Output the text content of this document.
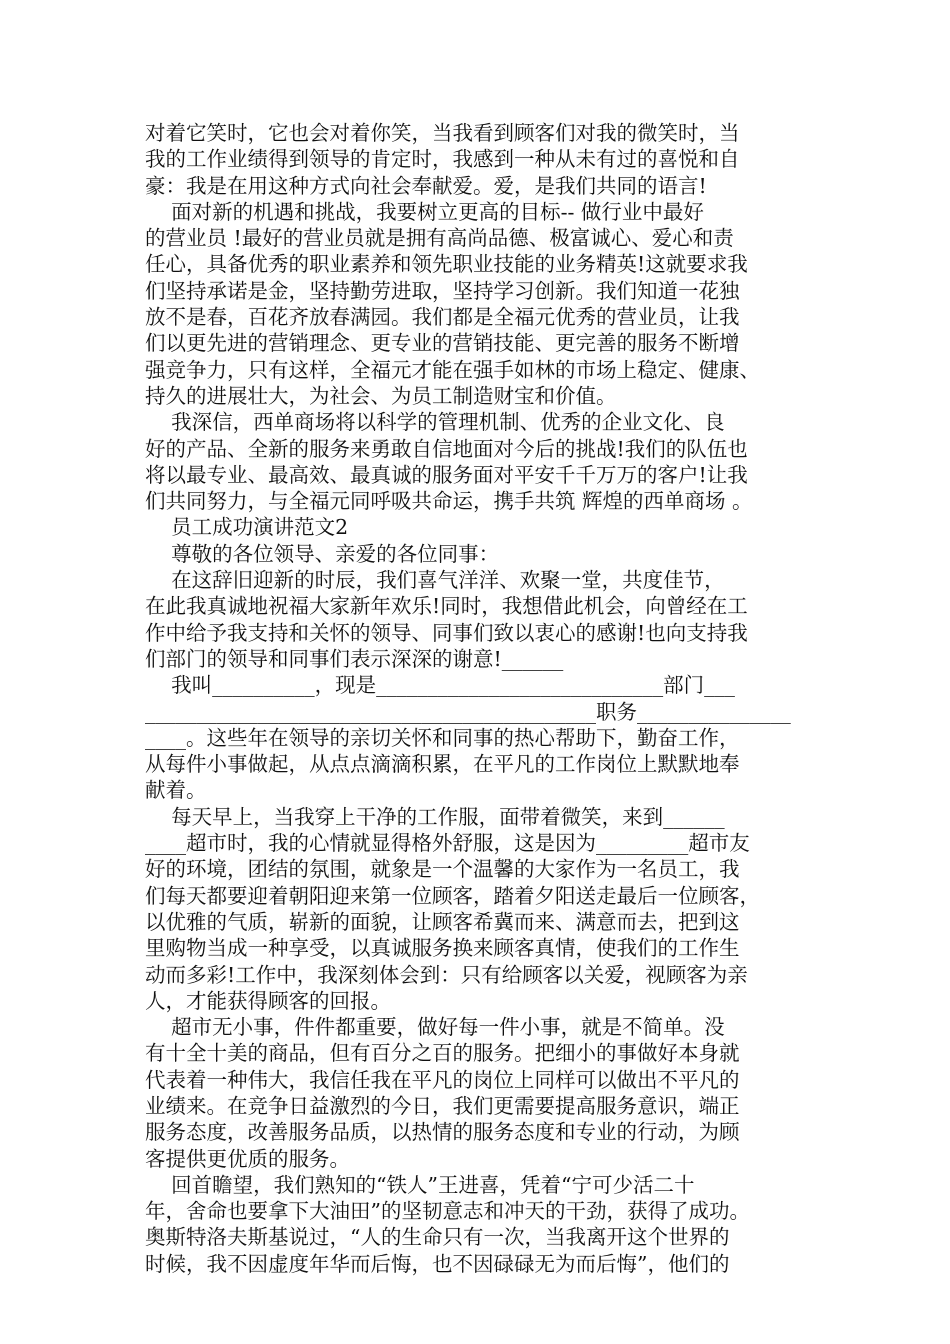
对着它笑时，它也会对着你笑，当我看到顾客们对我的微笑时，当
我的工作业绩得到领导的肯定时，我感到一种从未有过的喜悦和自
豪：我是在用这种方式向社会奉献爱。爱，是我们共同的语言!
面对新的机遇和挑战，我要树立更高的目标-- 做行业中最好
的营业员 !最好的营业员就是拥有高尚品德、极富诚心、爱心和责
任心，具备优秀的职业素养和领先职业技能的业务精英!这就要求我
们坚持承诺是金，坚持勤劳进取，坚持学习创新。我们知道一花独
放不是春，百花齐放春满园。我们都是全福元优秀的营业员，让我
们以更先进的营销理念、更专业的营销技能、更完善的服务不断增
强竞争力，只有这样，全福元才能在强手如林的市场上稳定、健康、
持久的进展壮大，为社会、为员工制造财宝和价值。
我深信，西单商场将以科学的管理机制、优秀的企业文化、良
好的产品、全新的服务来勇敢自信地面对今后的挑战!我们的队伍也
将以最专业、最高效、最真诚的服务面对平安千千万万的客户!让我
们共同努力，与全福元同呼吸共命运，携手共筑 辉煌的西单商场 。
员工成功演讲范文2
尊敬的各位领导、亲爱的各位同事：
在这辞旧迎新的时辰，我们喜气洋洋、欢聚一堂，共度佳节，
在此我真诚地祝福大家新年欢乐!同时，我想借此机会，向曾经在工
作中给予我支持和关怀的领导、同事们致以衷心的感谢!也向支持我
们部门的领导和同事们表示深深的谢意!______
我叫__________，现是____________________________部门___
____________________________________________职务_______________
____。这些年在领导的亲切关怀和同事的热心帮助下，勤奋工作，
从每件小事做起，从点点滴滴积累，在平凡的工作岗位上默默地奉
献着。
每天早上，当我穿上干净的工作服，面带着微笑，来到______
____超市时，我的心情就显得格外舒服，这是因为_________超市友
好的环境，团结的氛围，就象是一个温馨的大家作为一名员工，我
们每天都要迎着朝阳迎来第一位顾客，踏着夕阳送走最后一位顾客，
以优雅的气质，崭新的面貌，让顾客希冀而来、满意而去，把到这
里购物当成一种享受，以真诚服务换来顾客真情，使我们的工作生
动而多彩!工作中，我深刻体会到：只有给顾客以关爱，视顾客为亲
人，才能获得顾客的回报。
超市无小事，件件都重要，做好每一件小事，就是不简单。没
有十全十美的商品，但有百分之百的服务。把细小的事做好本身就
代表着一种伟大，我信任我在平凡的岗位上同样可以做出不平凡的
业绩来。在竞争日益激烈的今日，我们更需要提高服务意识，端正
服务态度，改善服务品质，以热情的服务态度和专业的行动，为顾
客提供更优质的服务。
回首瞻望，我们熟知的“铁人”王进喜，凭着“宁可少活二十
年，舍命也要拿下大油田”的坚韧意志和冲天的干劲，获得了成功。
奥斯特洛夫斯基说过，“人的生命只有一次，当我离开这个世界的
时候，我不因虚度年华而后悔，也不因碌碌无为而后悔”，他们的
